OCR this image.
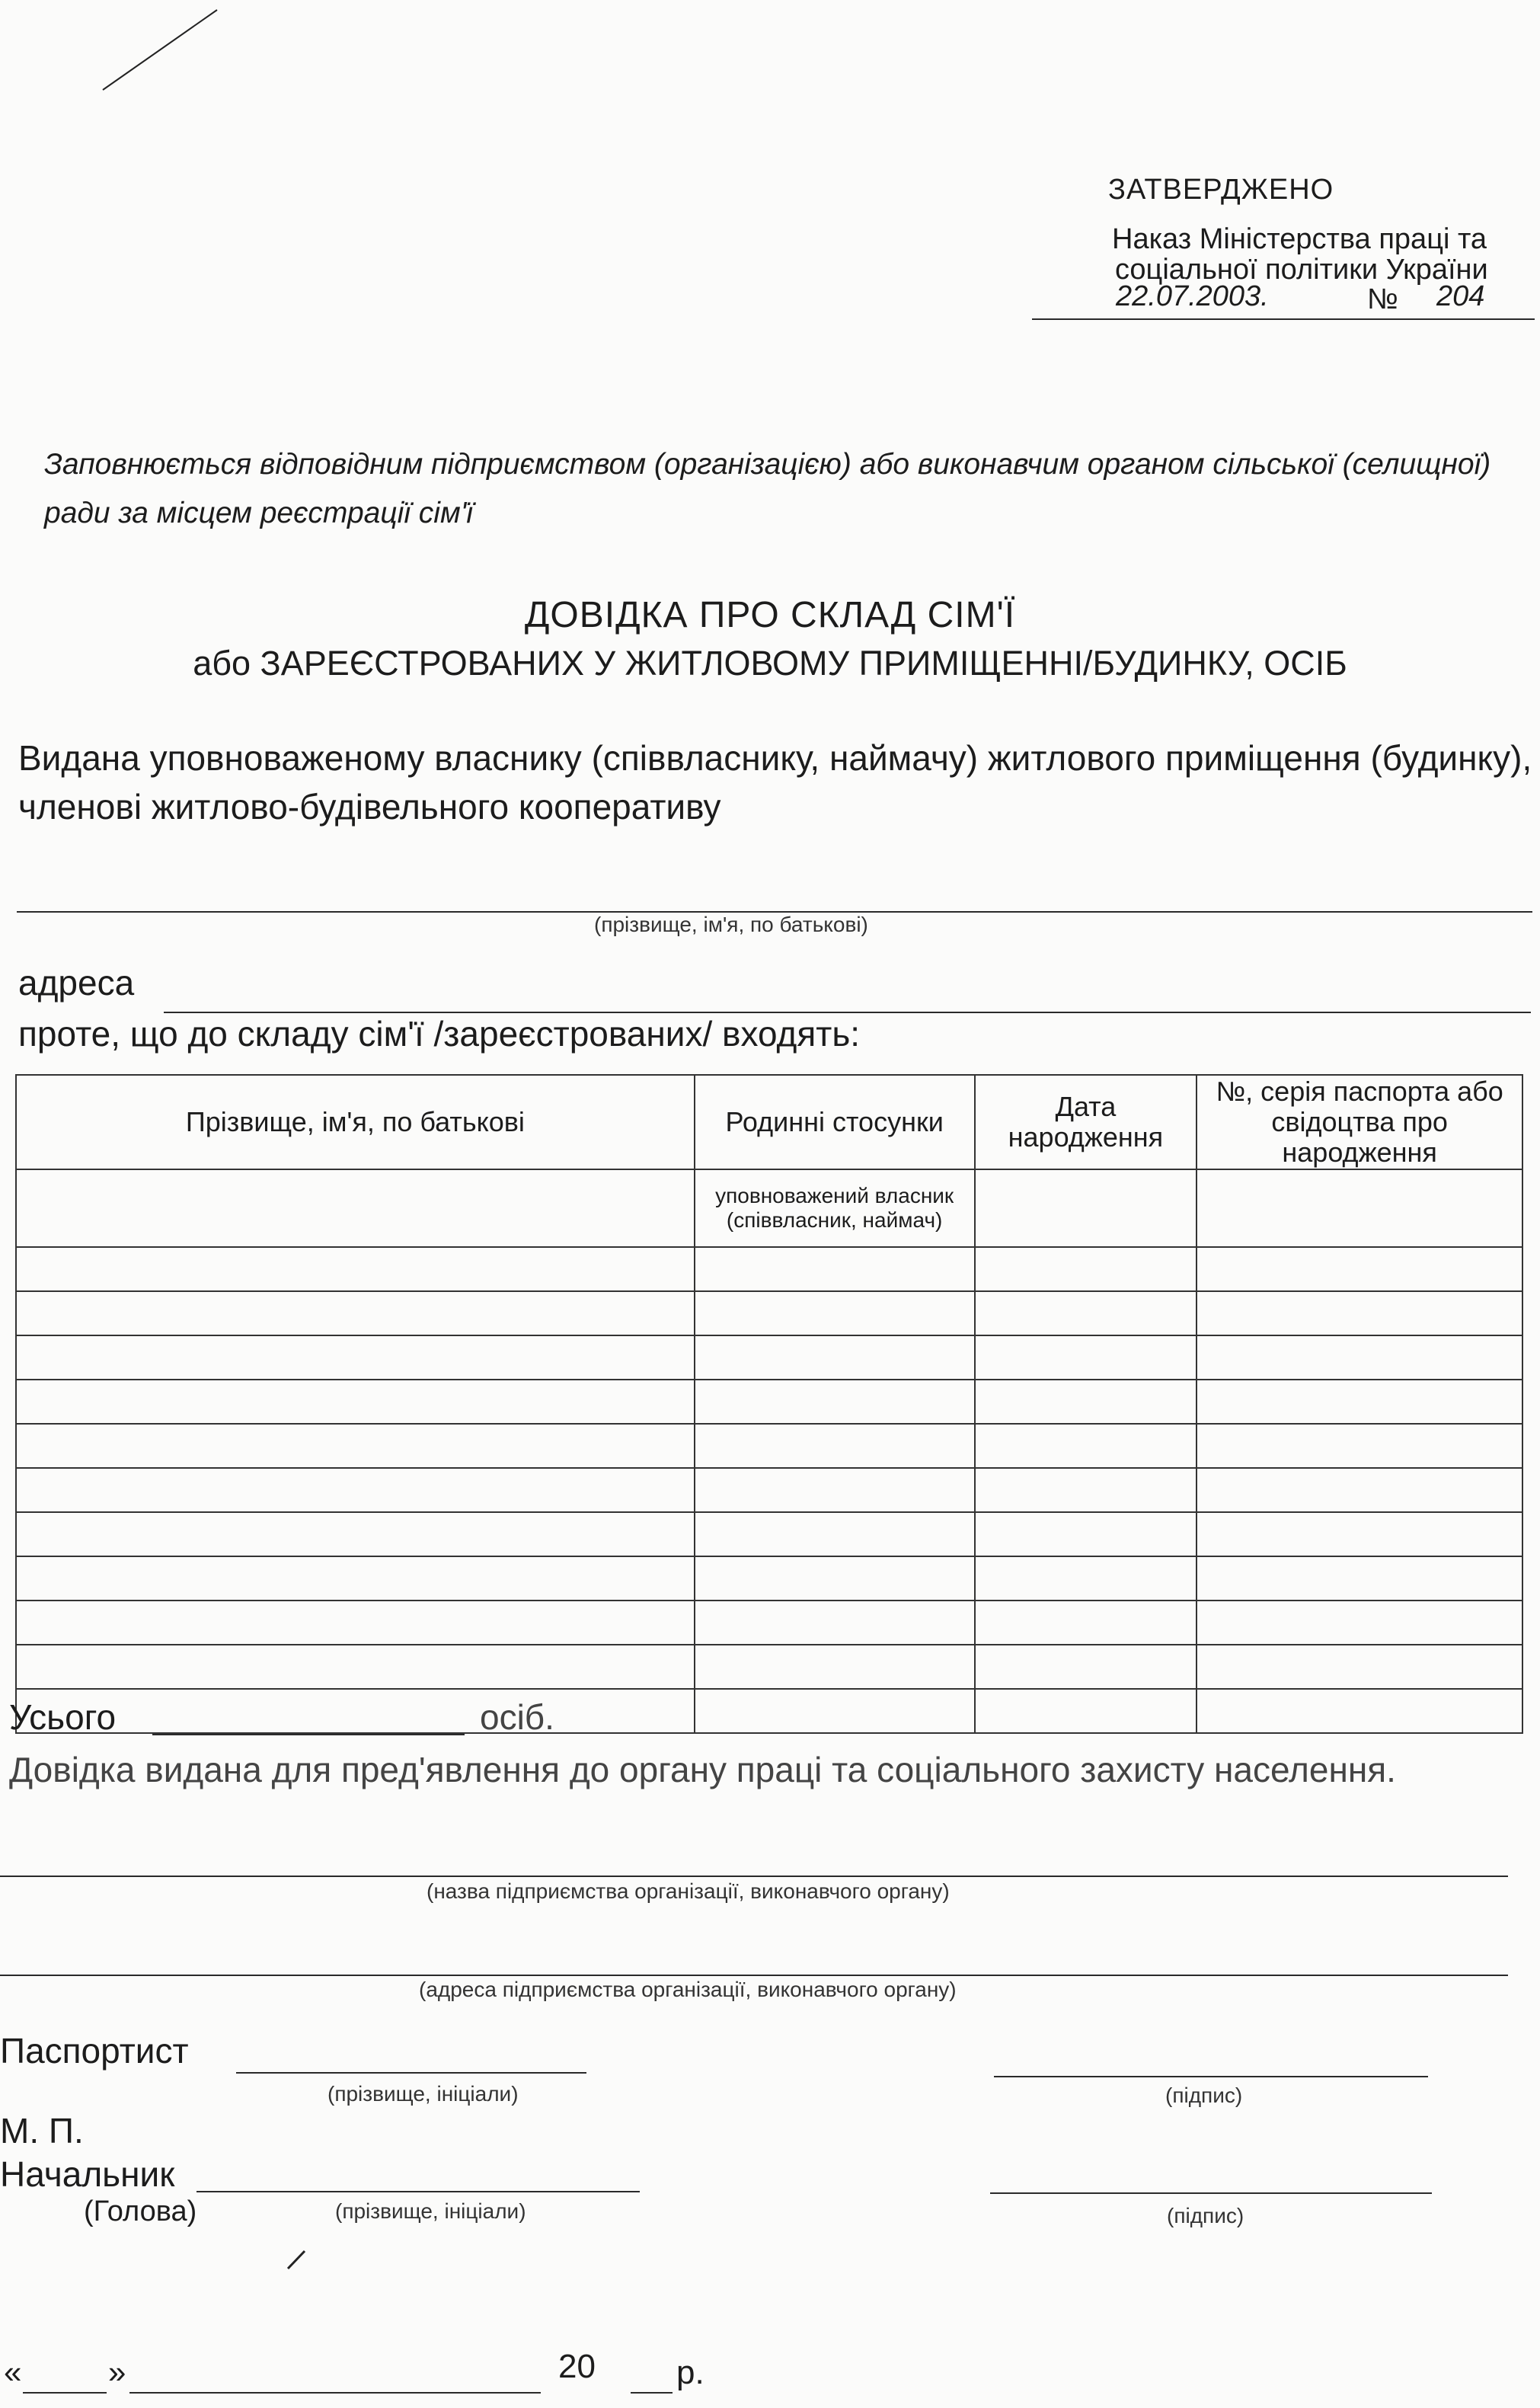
ЗАТВЕРДЖЕНО
Наказ Міністерства праці та
соціальної політики України
22.07.2003.	№ 204
Заповнюється відповідним підприємством (організацією) або виконавчим органом сільської (селищної) ради за місцем реєстрації сім'ї
ДОВІДКА ПРО СКЛАД СІМ'Ї
або ЗАРЕЄСТРОВАНИХ У ЖИТЛОВОМУ ПРИМІЩЕННІ/БУДИНКУ, ОСІБ
Видана уповноваженому власнику (співвласнику, наймачу) житлового приміщення (будинку), членові житлово-будівельного кооперативу
(прізвище, ім'я, по батькові)
адреса
проте, що до складу сім'ї /зареєстрованих/ входять:
Прізвище, ім'я, по батькові	Родинні стосунки	Дата народження	№, серія паспорта або свідоцтва про народження
	уповноважений власник (співвласник, наймач)		

Усього	осіб.
Довідка видана для пред'явлення до органу праці та соціального захисту населення.
(назва підприємства організації, виконавчого органу)
(адреса підприємства організації, виконавчого органу)
Паспортист
(прізвище, ініціали)	(підпис)
М. П.
Начальник
(Голова)	(прізвище, ініціали)	(підпис)
«	»	20 р.
